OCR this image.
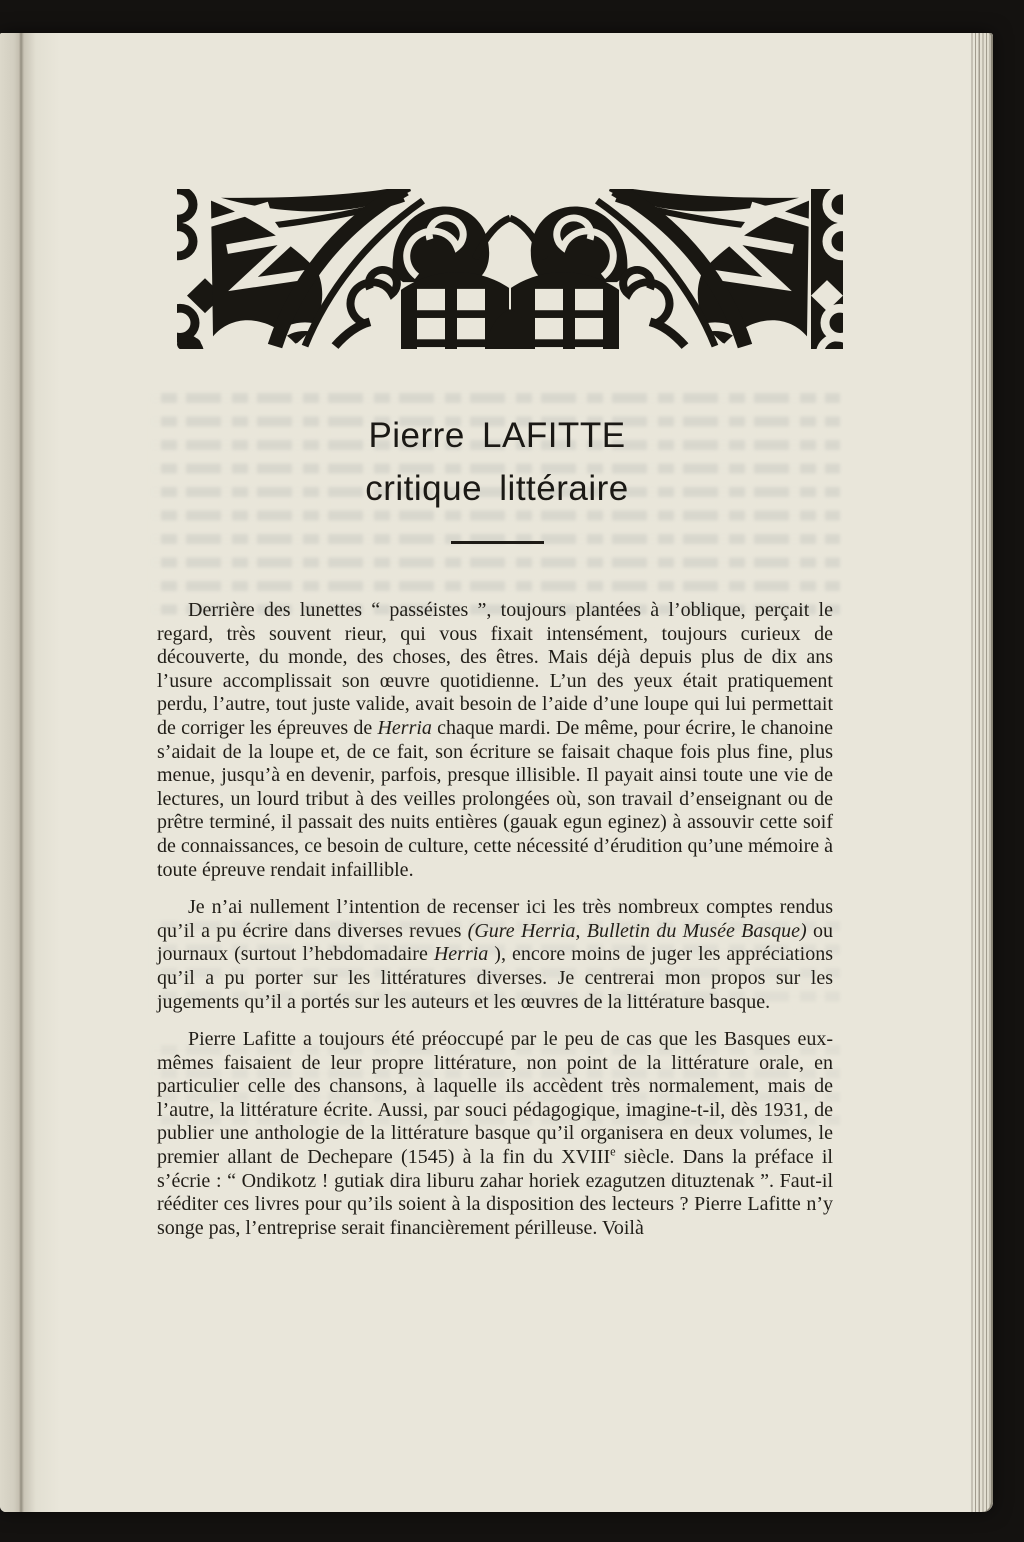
Pierre LAFITTE
critique littéraire

Derrière des lunettes “ passéistes ”, toujours plantées à l’oblique, perçait le regard, très souvent rieur, qui vous fixait intensément, toujours curieux de découverte, du monde, des choses, des êtres. Mais déjà depuis plus de dix ans l’usure accomplissait son œuvre quotidienne. L’un des yeux était pratiquement perdu, l’autre, tout juste valide, avait besoin de l’aide d’une loupe qui lui permettait de corriger les épreuves de Herria chaque mardi. De même, pour écrire, le chanoine s’aidait de la loupe et, de ce fait, son écriture se faisait chaque fois plus fine, plus menue, jusqu’à en devenir, parfois, presque illisible. Il payait ainsi toute une vie de lectures, un lourd tribut à des veilles prolongées où, son travail d’enseignant ou de prêtre terminé, il passait des nuits entières (gauak egun eginez) à assouvir cette soif de connaissances, ce besoin de culture, cette nécessité d’érudition qu’une mémoire à toute épreuve rendait infaillible.

Je n’ai nullement l’intention de recenser ici les très nombreux comptes rendus qu’il a pu écrire dans diverses revues (Gure Herria, Bulletin du Musée Basque) ou journaux (surtout l’hebdomadaire Herria ), encore moins de juger les appréciations qu’il a pu porter sur les littératures diverses. Je centrerai mon propos sur les jugements qu’il a portés sur les auteurs et les œuvres de la littérature basque.

Pierre Lafitte a toujours été préoccupé par le peu de cas que les Basques eux-mêmes faisaient de leur propre littérature, non point de la littérature orale, en particulier celle des chansons, à laquelle ils accèdent très normalement, mais de l’autre, la littérature écrite. Aussi, par souci pédagogique, imagine-t-il, dès 1931, de publier une anthologie de la littérature basque qu’il organisera en deux volumes, le premier allant de Dechepare (1545) à la fin du XVIIIe siècle. Dans la préface il s’écrie : “ Ondikotz ! gutiak dira liburu zahar horiek ezagutzen dituztenak ”. Faut-il rééditer ces livres pour qu’ils soient à la disposition des lecteurs ? Pierre Lafitte n’y songe pas, l’entreprise serait financièrement périlleuse. Voilà
